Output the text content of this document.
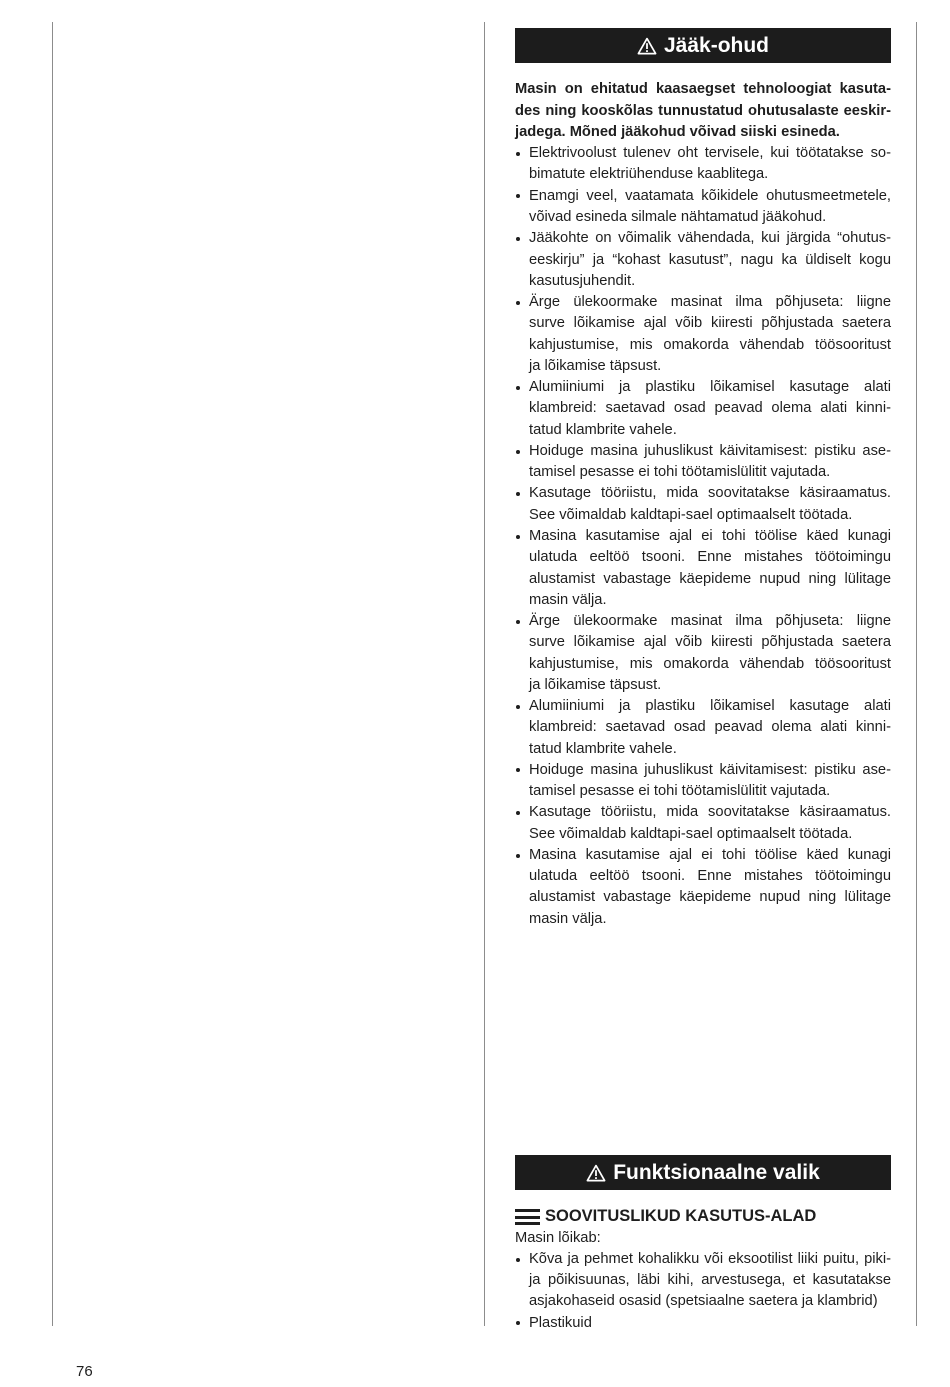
Jääk-ohud
Masin on ehitatud kaasaegset tehnoloogiat kasuta-
des ning kooskõlas tunnustatud ohutusalaste eeskir-
jadega. Mõned jääkohud võivad siiski esineda.
Elektrivoolust tulenev oht tervisele, kui töötatakse so-
bimatute elektriühenduse kaablitega.
Enamgi veel, vaatamata kõikidele ohutusmeetmetele,
võivad esineda silmale nähtamatud jääkohud.
Jääkohte on võimalik vähendada, kui järgida “ohutus-
eeskirju” ja “kohast kasutust”, nagu ka üldiselt kogu
kasutusjuhendit.
Ärge ülekoormake masinat ilma põhjuseta: liigne
surve lõikamise ajal võib kiiresti põhjustada saetera
kahjustumise, mis omakorda vähendab töösooritust
ja lõikamise täpsust.
Alumiiniumi ja plastiku lõikamisel kasutage alati
klambreid: saetavad osad peavad olema alati kinni-
tatud klambrite vahele.
Hoiduge masina juhuslikust käivitamisest: pistiku ase-
tamisel pesasse ei tohi töötamislülitit vajutada.
Kasutage tööriistu, mida soovitatakse käsiraamatus.
See võimaldab kaldtapi-sael optimaalselt töötada.
Masina kasutamise ajal ei tohi töölise käed kunagi
ulatuda eeltöö tsooni. Enne mistahes töötoimingu
alustamist vabastage käepideme nupud ning lülitage
masin välja.
Ärge ülekoormake masinat ilma põhjuseta: liigne
surve lõikamise ajal võib kiiresti põhjustada saetera
kahjustumise, mis omakorda vähendab töösooritust
ja lõikamise täpsust.
Alumiiniumi ja plastiku lõikamisel kasutage alati
klambreid: saetavad osad peavad olema alati kinni-
tatud klambrite vahele.
Hoiduge masina juhuslikust käivitamisest: pistiku ase-
tamisel pesasse ei tohi töötamislülitit vajutada.
Kasutage tööriistu, mida soovitatakse käsiraamatus.
See võimaldab kaldtapi-sael optimaalselt töötada.
Masina kasutamise ajal ei tohi töölise käed kunagi
ulatuda eeltöö tsooni. Enne mistahes töötoimingu
alustamist vabastage käepideme nupud ning lülitage
masin välja.
Funktsionaalne valik
SOOVITUSLIKUD KASUTUS-ALAD
Masin lõikab:
Kõva ja pehmet kohalikku või eksootilist liiki puitu, piki-
ja põikisuunas, läbi kihi, arvestusega, et kasutatakse
asjakohaseid osasid (spetsiaalne saetera ja klambrid)
Plastikuid
76
